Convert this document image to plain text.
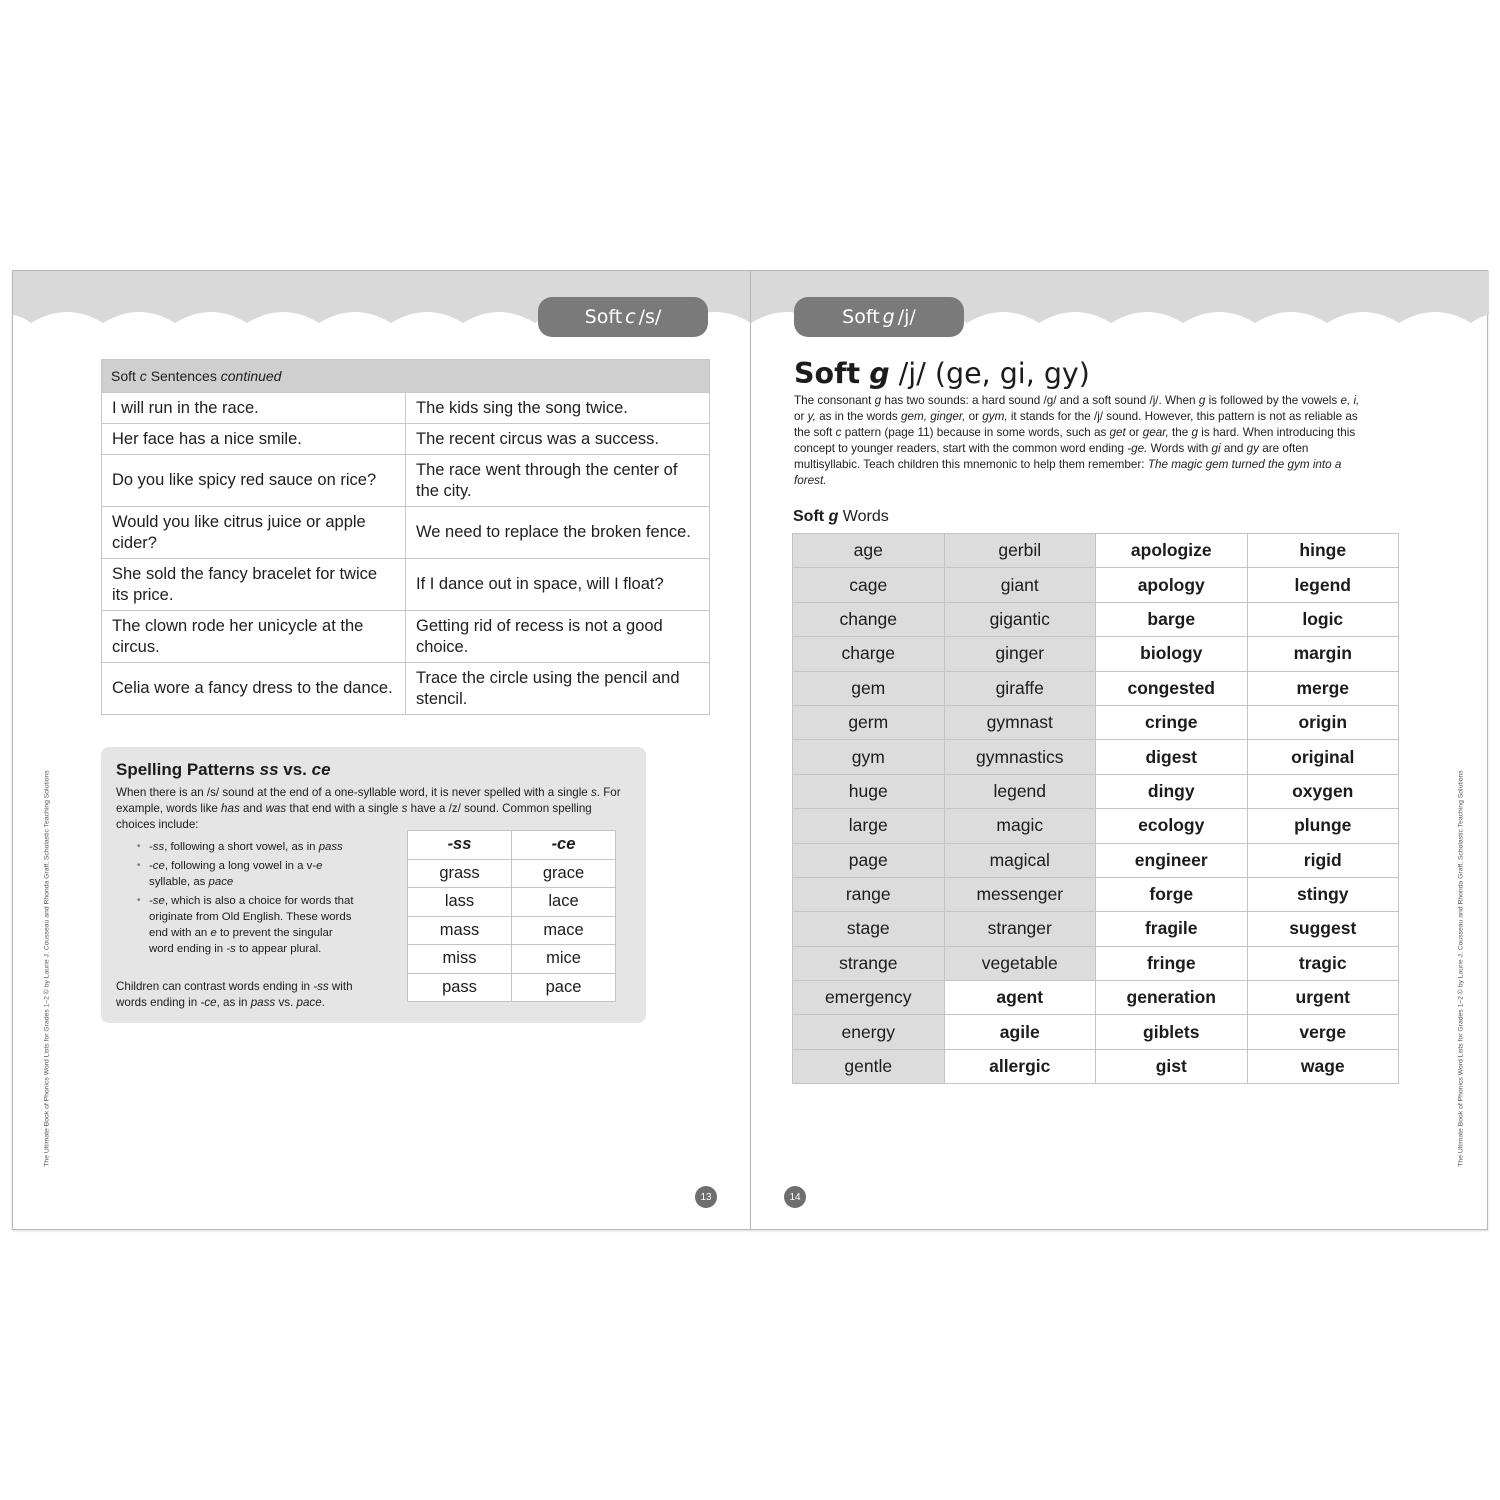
Soft c /s/
Soft c Sentences continued	
I will run in the race.	The kids sing the song twice.
Her face has a nice smile.	The recent circus was a success.
Do you like spicy red sauce on rice?	The race went through the center of the city.
Would you like citrus juice or apple cider?	We need to replace the broken fence.
She sold the fancy bracelet for twice its price.	If I dance out in space, will I float?
The clown rode her unicycle at the circus.	Getting rid of recess is not a good choice.
Celia wore a fancy dress to the dance.	Trace the circle using the pencil and stencil.
Spelling Patterns ss vs. ce

When there is an /s/ sound at the end of a one-syllable word, it is never spelled with a single s. For example, words like has and was that end with a single s have a /z/ sound. Common spelling choices include:

• -ss, following a short vowel, as in pass
• -ce, following a long vowel in a v-e syllable, as pace
• -se, which is also a choice for words that originate from Old English. These words end with an e to prevent the singular word ending in -s to appear plural.

Children can contrast words ending in -ss with words ending in -ce, as in pass vs. pace.

-ss	-ce
grass	grace
lass	lace
mass	mace
miss	mice
pass	pace
The Ultimate Book of Phonics Word Lists for Grades 1–2 © by Laurie J. Cousseau and Rhonda Graff, Scholastic Teaching Solutions
13
Soft g /j/
Soft g /j/ (ge, gi, gy)

The consonant g has two sounds: a hard sound /g/ and a soft sound /j/. When g is followed by the vowels e, i, or y, as in the words gem, ginger, or gym, it stands for the /j/ sound. However, this pattern is not as reliable as the soft c pattern (page 11) because in some words, such as get or gear, the g is hard. When introducing this concept to younger readers, start with the common word ending -ge. Words with gi and gy are often multisyllabic. Teach children this mnemonic to help them remember: The magic gem turned the gym into a forest.

Soft g Words
age	gerbil	apologize	hinge
cage	giant	apology	legend
change	gigantic	barge	logic
charge	ginger	biology	margin
gem	giraffe	congested	merge
germ	gymnast	cringe	origin
gym	gymnastics	digest	original
huge	legend	dingy	oxygen
large	magic	ecology	plunge
page	magical	engineer	rigid
range	messenger	forge	stingy
stage	stranger	fragile	suggest
strange	vegetable	fringe	tragic
emergency	agent	generation	urgent
energy	agile	giblets	verge
gentle	allergic	gist	wage	The Ultimate Book of Phonics Word Lists for Grades 1–2 © by Laurie J. Cousseau and Rhonda Graff, Scholastic Teaching Solutions
14
